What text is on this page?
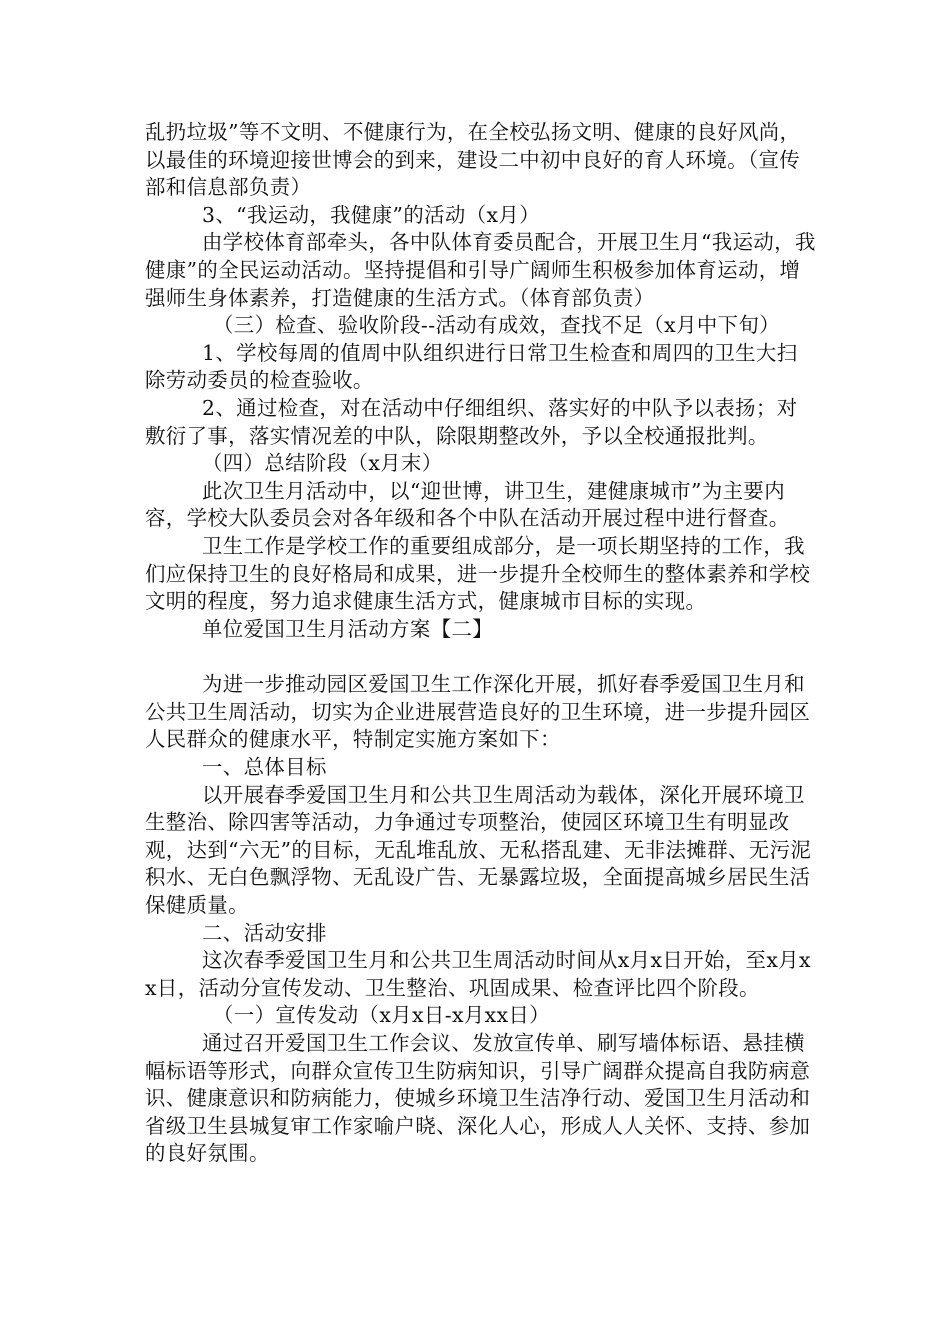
乱扔垃圾”等不文明、不健康行为，在全校弘扬文明、健康的良好风尚，以最佳的环境迎接世博会的到来，建设二中初中良好的育人环境。（宣传部和信息部负责）

3、“我运动，我健康”的活动（x月）

由学校体育部牵头，各中队体育委员配合，开展卫生月“我运动，我健康”的全民运动活动。坚持提倡和引导广阔师生积极参加体育运动，增强师生身体素养，打造健康的生活方式。（体育部负责）

（三）检查、验收阶段--活动有成效，查找不足（x月中下旬）

1、学校每周的值周中队组织进行日常卫生检查和周四的卫生大扫除劳动委员的检查验收。

2、通过检查，对在活动中仔细组织、落实好的中队予以表扬；对敷衍了事，落实情况差的中队，除限期整改外，予以全校通报批判。

（四）总结阶段（x月末）

此次卫生月活动中，以“迎世博，讲卫生，建健康城市”为主要内容，学校大队委员会对各年级和各个中队在活动开展过程中进行督查。

卫生工作是学校工作的重要组成部分，是一项长期坚持的工作，我们应保持卫生的良好格局和成果，进一步提升全校师生的整体素养和学校文明的程度，努力追求健康生活方式，健康城市目标的实现。

单位爱国卫生月活动方案【二】

为进一步推动园区爱国卫生工作深化开展，抓好春季爱国卫生月和公共卫生周活动，切实为企业进展营造良好的卫生环境，进一步提升园区人民群众的健康水平，特制定实施方案如下：

一、总体目标

以开展春季爱国卫生月和公共卫生周活动为载体，深化开展环境卫生整治、除四害等活动，力争通过专项整治，使园区环境卫生有明显改观，达到“六无”的目标，无乱堆乱放、无私搭乱建、无非法摊群、无污泥积水、无白色飘浮物、无乱设广告、无暴露垃圾，全面提高城乡居民生活保健质量。

二、活动安排

这次春季爱国卫生月和公共卫生周活动时间从x月x日开始，至x月xx日，活动分宣传发动、卫生整治、巩固成果、检查评比四个阶段。

（一）宣传发动（x月x日-x月xx日）

通过召开爱国卫生工作会议、发放宣传单、刷写墙体标语、悬挂横幅标语等形式，向群众宣传卫生防病知识，引导广阔群众提高自我防病意识、健康意识和防病能力，使城乡环境卫生洁净行动、爱国卫生月活动和省级卫生县城复审工作家喻户晓、深化人心，形成人人关怀、支持、参加的良好氛围。
